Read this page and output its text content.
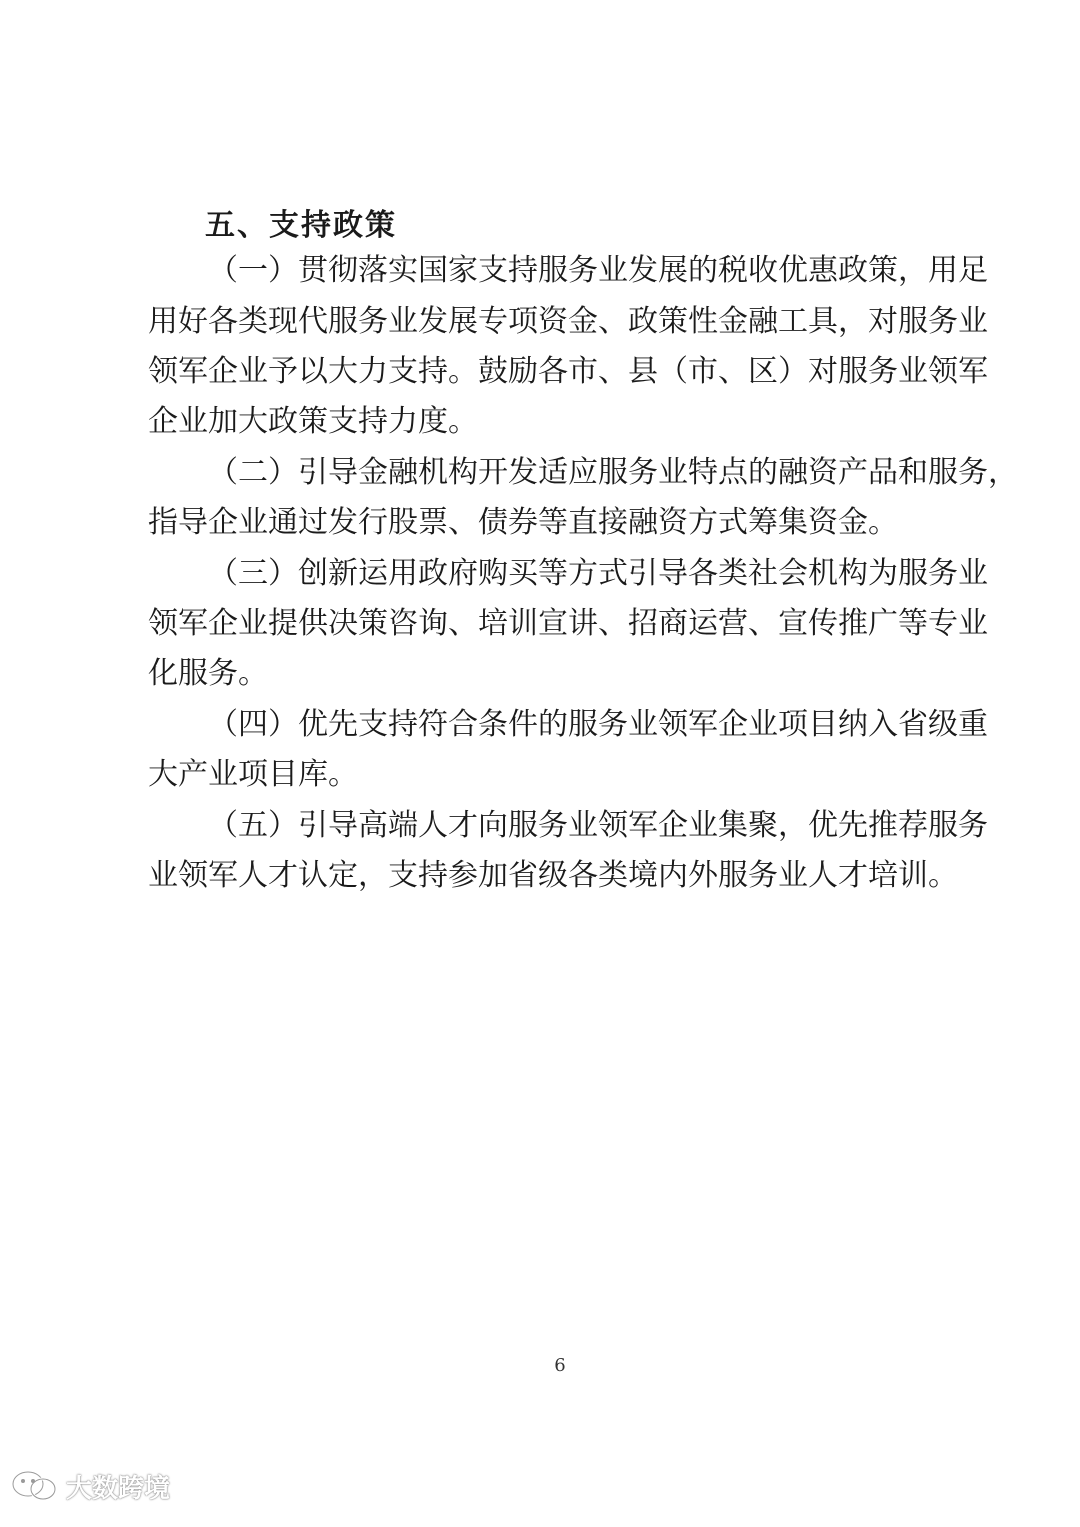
五、支持政策
（一）贯彻落实国家支持服务业发展的税收优惠政策，用足
用好各类现代服务业发展专项资金、政策性金融工具，对服务业
领军企业予以大力支持。鼓励各市、县（市、区）对服务业领军
企业加大政策支持力度。
（二）引导金融机构开发适应服务业特点的融资产品和服务，
指导企业通过发行股票、债券等直接融资方式筹集资金。
（三）创新运用政府购买等方式引导各类社会机构为服务业
领军企业提供决策咨询、培训宣讲、招商运营、宣传推广等专业
化服务。
（四）优先支持符合条件的服务业领军企业项目纳入省级重
大产业项目库。
（五）引导高端人才向服务业领军企业集聚，优先推荐服务
业领军人才认定，支持参加省级各类境内外服务业人才培训。
6
大数跨境
